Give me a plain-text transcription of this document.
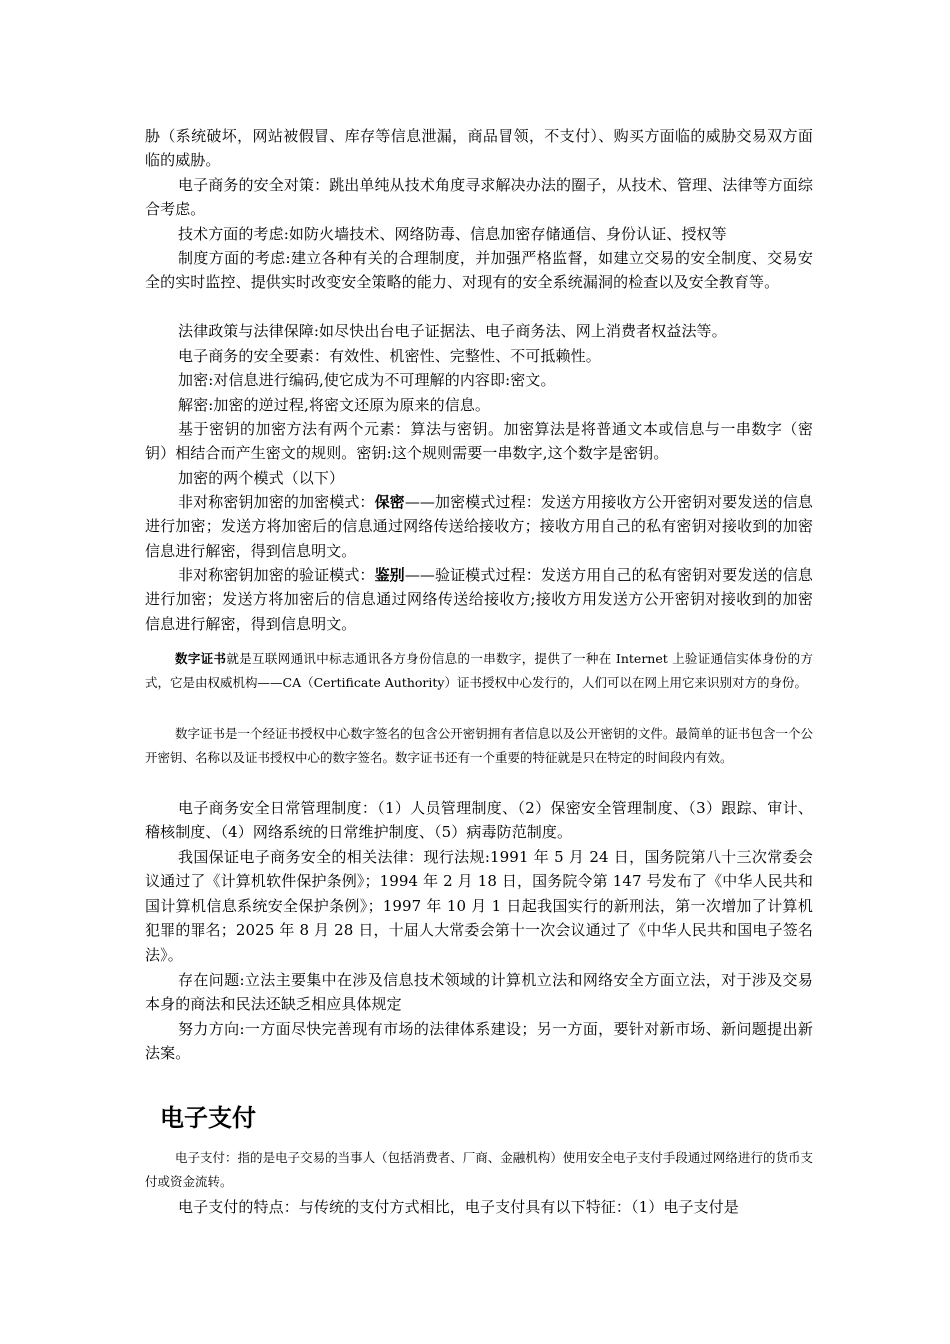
胁（系统破坏，网站被假冒、库存等信息泄漏，商品冒领，不支付）、购买方面临的威胁交易双方面临的威胁。

电子商务的安全对策：跳出单纯从技术角度寻求解决办法的圈子，从技术、管理、法律等方面综合考虑。

技术方面的考虑:如防火墙技术、网络防毒、信息加密存储通信、身份认证、授权等

制度方面的考虑:建立各种有关的合理制度，并加强严格监督，如建立交易的安全制度、交易安全的实时监控、提供实时改变安全策略的能力、对现有的安全系统漏洞的检查以及安全教育等。

法律政策与法律保障:如尽快出台电子证据法、电子商务法、网上消费者权益法等。

电子商务的安全要素：有效性、机密性、完整性、不可抵赖性。

加密:对信息进行编码,使它成为不可理解的内容即:密文。

解密:加密的逆过程,将密文还原为原来的信息。

基于密钥的加密方法有两个元素：算法与密钥。加密算法是将普通文本或信息与一串数字（密钥）相结合而产生密文的规则。密钥:这个规则需要一串数字,这个数字是密钥。

加密的两个模式（以下）

非对称密钥加密的加密模式：保密——加密模式过程：发送方用接收方公开密钥对要发送的信息进行加密；发送方将加密后的信息通过网络传送给接收方；接收方用自己的私有密钥对接收到的加密信息进行解密，得到信息明文。

非对称密钥加密的验证模式：鉴别——验证模式过程：发送方用自己的私有密钥对要发送的信息进行加密；发送方将加密后的信息通过网络传送给接收方;接收方用发送方公开密钥对接收到的加密信息进行解密，得到信息明文。

数字证书就是互联网通讯中标志通讯各方身份信息的一串数字，提供了一种在 Internet 上验证通信实体身份的方式，它是由权威机构——CA（Certificate Authority）证书授权中心发行的，人们可以在网上用它来识别对方的身份。

数字证书是一个经证书授权中心数字签名的包含公开密钥拥有者信息以及公开密钥的文件。最简单的证书包含一个公开密钥、名称以及证书授权中心的数字签名。数字证书还有一个重要的特征就是只在特定的时间段内有效。

电子商务安全日常管理制度：（1）人员管理制度、（2）保密安全管理制度、（3）跟踪、审计、稽核制度、（4）网络系统的日常维护制度、（5）病毒防范制度。

我国保证电子商务安全的相关法律：现行法规:1991 年 5 月 24 日，国务院第八十三次常委会议通过了《计算机软件保护条例》；1994 年 2 月 18 日，国务院令第 147 号发布了《中华人民共和国计算机信息系统安全保护条例》；1997 年 10 月 1 日起我国实行的新刑法，第一次增加了计算机犯罪的罪名；2025 年 8 月 28 日，十届人大常委会第十一次会议通过了《中华人民共和国电子签名法》。

存在问题:立法主要集中在涉及信息技术领域的计算机立法和网络安全方面立法，对于涉及交易本身的商法和民法还缺乏相应具体规定

努力方向:一方面尽快完善现有市场的法律体系建设；另一方面，要针对新市场、新问题提出新法案。

电子支付

电子支付：指的是电子交易的当事人（包括消费者、厂商、金融机构）使用安全电子支付手段通过网络进行的货币支付或资金流转。

电子支付的特点：与传统的支付方式相比，电子支付具有以下特征：（1）电子支付是
